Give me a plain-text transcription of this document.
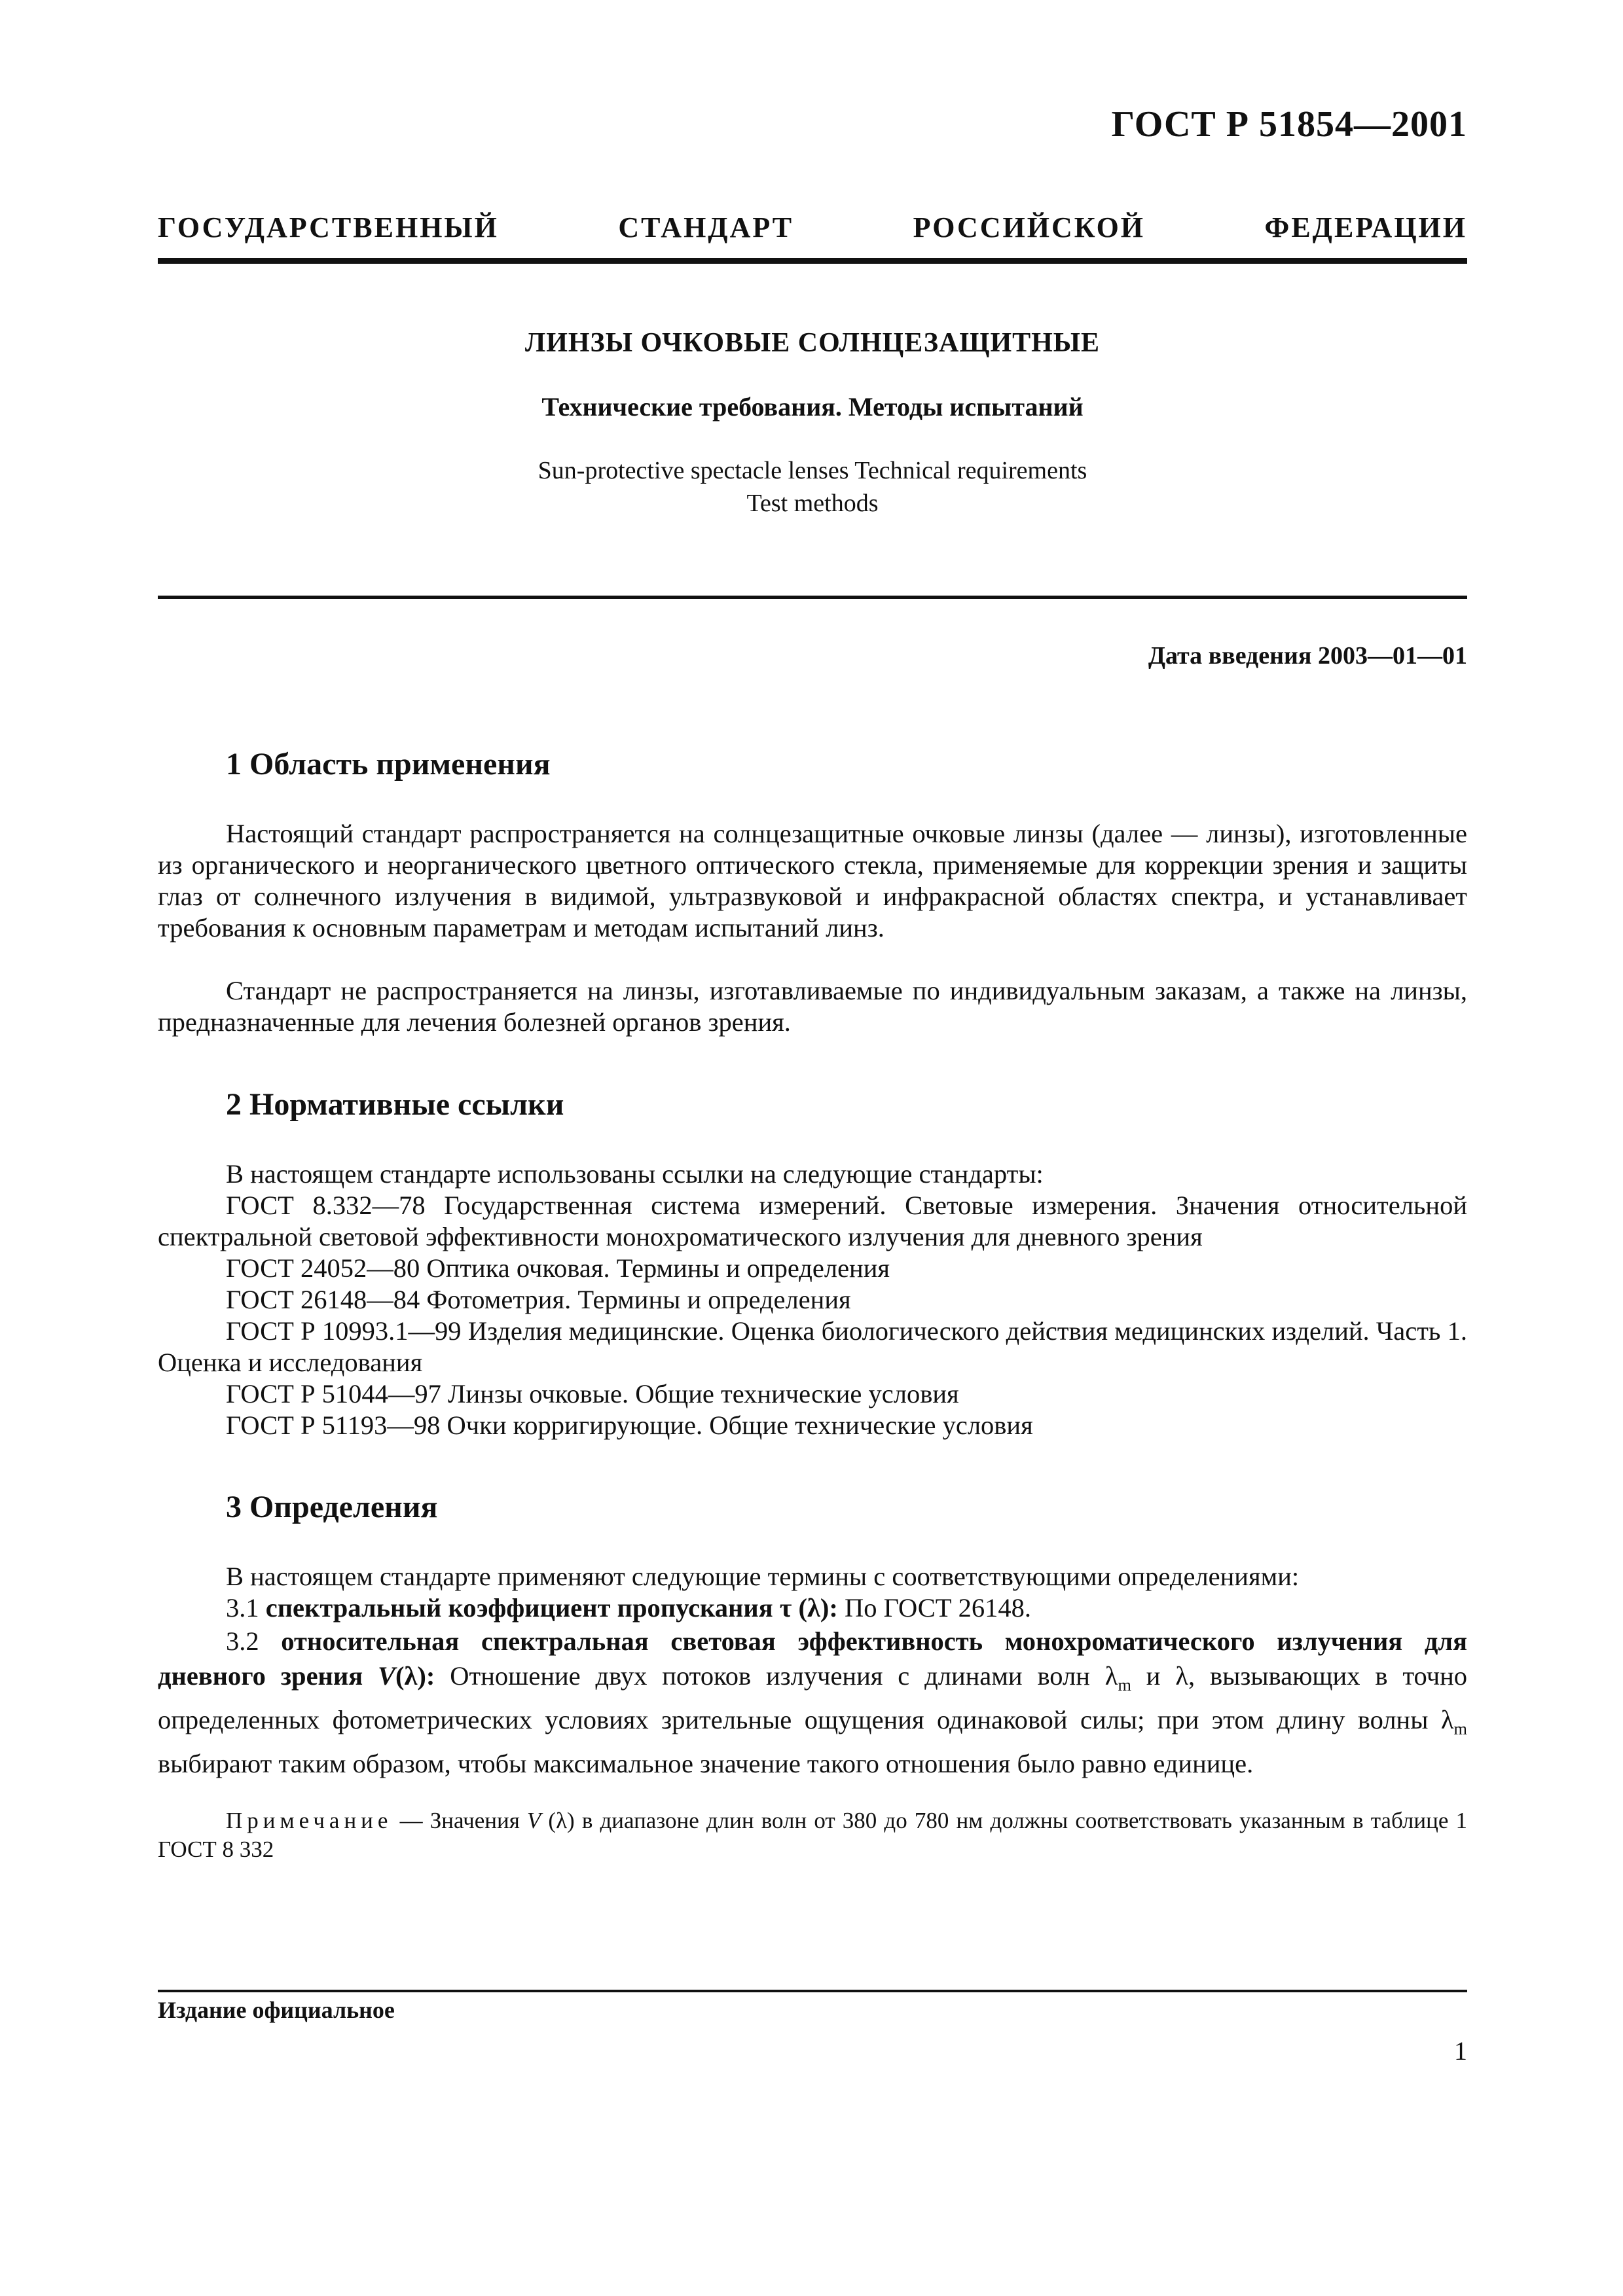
ГОСТ Р 51854—2001
ГОСУДАРСТВЕННЫЙ СТАНДАРТ РОССИЙСКОЙ ФЕДЕРАЦИИ
ЛИНЗЫ ОЧКОВЫЕ СОЛНЦЕЗАЩИТНЫЕ
Технические требования. Методы испытаний
Sun-protective spectacle lenses Technical requirements
Test methods
Дата введения 2003—01—01
1 Область применения
Настоящий стандарт распространяется на солнцезащитные очковые линзы (далее — линзы), изготовленные из органического и неорганического цветного оптического стекла, применяемые для коррекции зрения и защиты глаз от солнечного излучения в видимой, ультразвуковой и инфракрасной областях спектра, и устанавливает требования к основным параметрам и методам испытаний линз.
Стандарт не распространяется на линзы, изготавливаемые по индивидуальным заказам, а также на линзы, предназначенные для лечения болезней органов зрения.
2 Нормативные ссылки
В настоящем стандарте использованы ссылки на следующие стандарты:
ГОСТ 8.332—78 Государственная система измерений. Световые измерения. Значения относительной спектральной световой эффективности монохроматического излучения для дневного зрения
ГОСТ 24052—80 Оптика очковая. Термины и определения
ГОСТ 26148—84 Фотометрия. Термины и определения
ГОСТ Р 10993.1—99 Изделия медицинские. Оценка биологического действия медицинских изделий. Часть 1. Оценка и исследования
ГОСТ Р 51044—97 Линзы очковые. Общие технические условия
ГОСТ Р 51193—98 Очки корригирующие. Общие технические условия
3 Определения
В настоящем стандарте применяют следующие термины с соответствующими определениями:
3.1 спектральный коэффициент пропускания τ (λ): По ГОСТ 26148.
3.2 относительная спектральная световая эффективность монохроматического излучения для дневного зрения V(λ): Отношение двух потоков излучения с длинами волн $\lambda_m$ и λ, вызывающих в точно определенных фотометрических условиях зрительные ощущения одинаковой силы; при этом длину волны $\lambda_m$ выбирают таким образом, чтобы максимальное значение такого отношения было равно единице.
Примечание — Значения V (λ) в диапазоне длин волн от 380 до 780 нм должны соответствовать указанным в таблице 1 ГОСТ 8 332
Издание официальное
1
